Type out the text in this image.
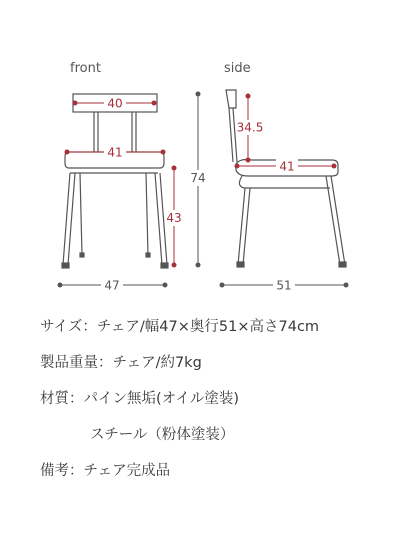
front	side
40
41
43
47
74
34.5
41
51
サイズ：チェア/幅47×奥行51×高さ74cm
製品重量：チェア/約7kg
材質：パイン無垢(オイル塗装)
スチール（粉体塗装）
備考：チェア完成品
